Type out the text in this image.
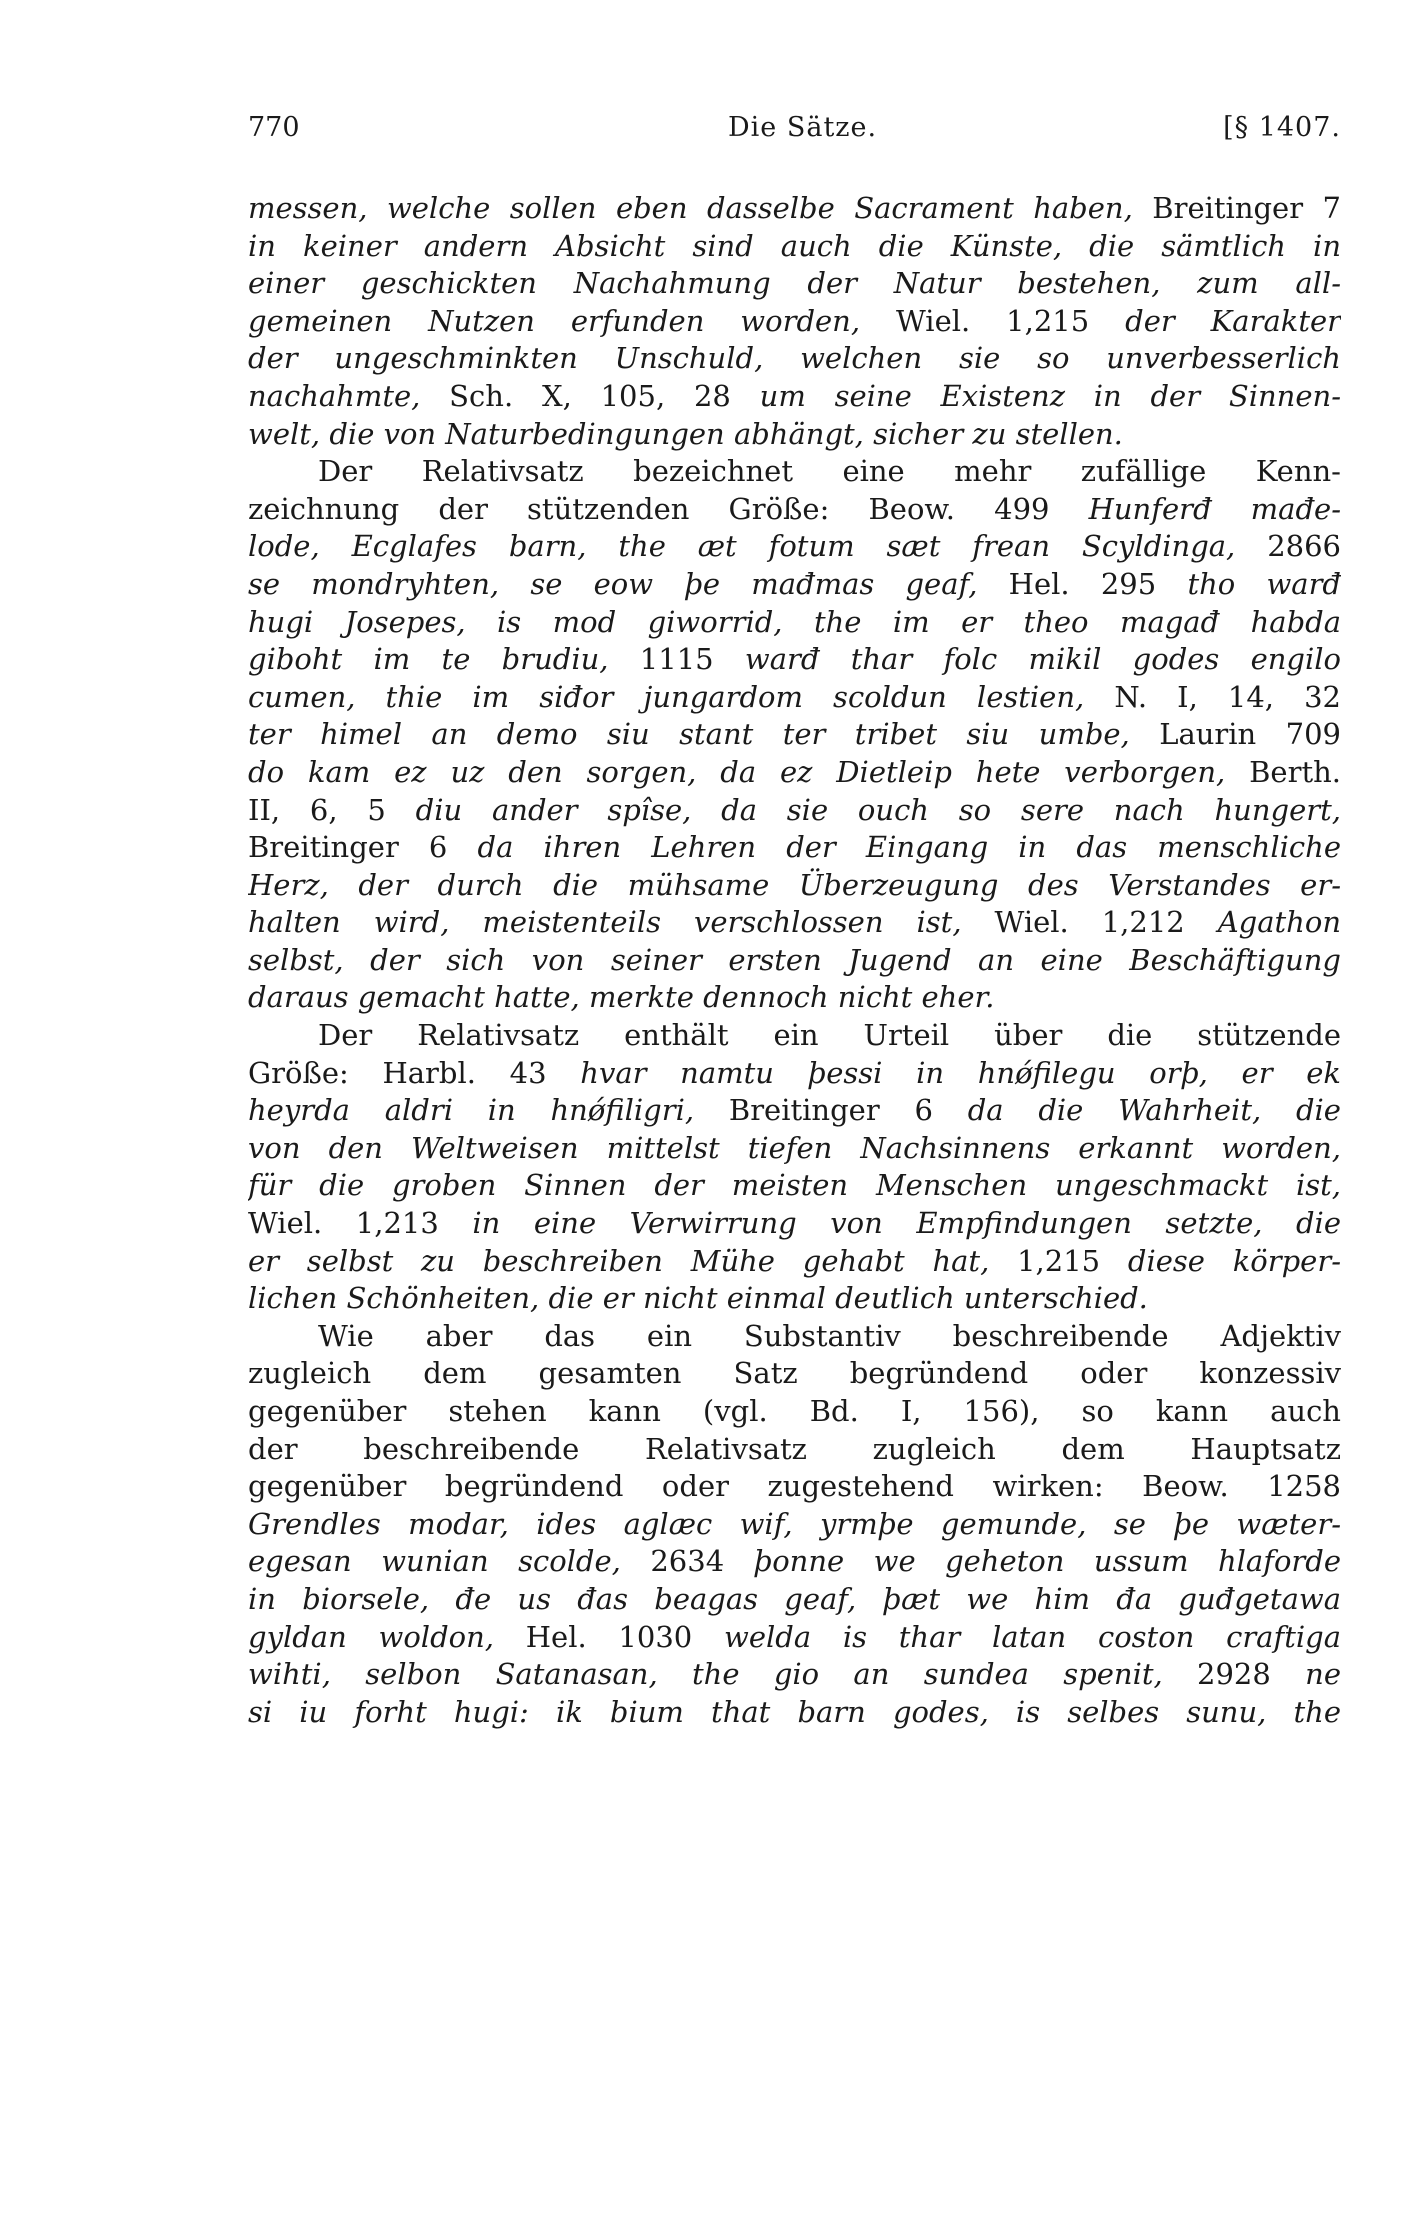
770	Die Sätze.	[§ 1407.
messen, welche sollen eben dasselbe Sacrament haben, Breitinger 7
in keiner andern Absicht sind auch die Künste, die sämtlich in
einer geschickten Nachahmung der Natur bestehen, zum all-
gemeinen Nutzen erfunden worden, Wiel. 1,215 der Karakter
der ungeschminkten Unschuld, welchen sie so unverbesserlich
nachahmte, Sch. X, 105, 28 um seine Existenz in der Sinnen-
welt, die von Naturbedingungen abhängt, sicher zu stellen.
Der Relativsatz bezeichnet eine mehr zufällige Kenn-
zeichnung der stützenden Größe: Beow. 499 Hunferđ mađe-
lode, Ecglafes barn, the æt fotum sæt frean Scyldinga, 2866
se mondryhten, se eow þe mađmas geaf, Hel. 295 tho warđ
hugi Josepes, is mod giworrid, the im er theo magađ habda
giboht im te brudiu, 1115 warđ thar folc mikil godes engilo
cumen, thie im siđor jungardom scoldun lestien, N. I, 14, 32
ter himel an demo siu stant ter tribet siu umbe, Laurin 709
do kam ez uz den sorgen, da ez Dietleip hete verborgen, Berth.
II, 6, 5 diu ander spîse, da sie ouch so sere nach hungert,
Breitinger 6 da ihren Lehren der Eingang in das menschliche
Herz, der durch die mühsame Überzeugung des Verstandes er-
halten wird, meistenteils verschlossen ist, Wiel. 1,212 Agathon
selbst, der sich von seiner ersten Jugend an eine Beschäftigung
daraus gemacht hatte, merkte dennoch nicht eher.
Der Relativsatz enthält ein Urteil über die stützende
Größe: Harbl. 43 hvar namtu þessi in hnǿfilegu orþ, er ek
heyrda aldri in hnǿfiligri, Breitinger 6 da die Wahrheit, die
von den Weltweisen mittelst tiefen Nachsinnens erkannt worden,
für die groben Sinnen der meisten Menschen ungeschmackt ist,
Wiel. 1,213 in eine Verwirrung von Empfindungen setzte, die
er selbst zu beschreiben Mühe gehabt hat, 1,215 diese körper-
lichen Schönheiten, die er nicht einmal deutlich unterschied.
Wie aber das ein Substantiv beschreibende Adjektiv
zugleich dem gesamten Satz begründend oder konzessiv
gegenüber stehen kann (vgl. Bd. I, 156), so kann auch
der beschreibende Relativsatz zugleich dem Hauptsatz
gegenüber begründend oder zugestehend wirken: Beow. 1258
Grendles modar, ides aglæc wif, yrmþe gemunde, se þe wæter-
egesan wunian scolde, 2634 þonne we geheton ussum hlaforde
in biorsele, đe us đas beagas geaf, þæt we him đa guđgetawa
gyldan woldon, Hel. 1030 welda is thar latan coston craftiga
wihti, selbon Satanasan, the gio an sundea spenit, 2928 ne
si iu forht hugi: ik bium that barn godes, is selbes sunu, the
